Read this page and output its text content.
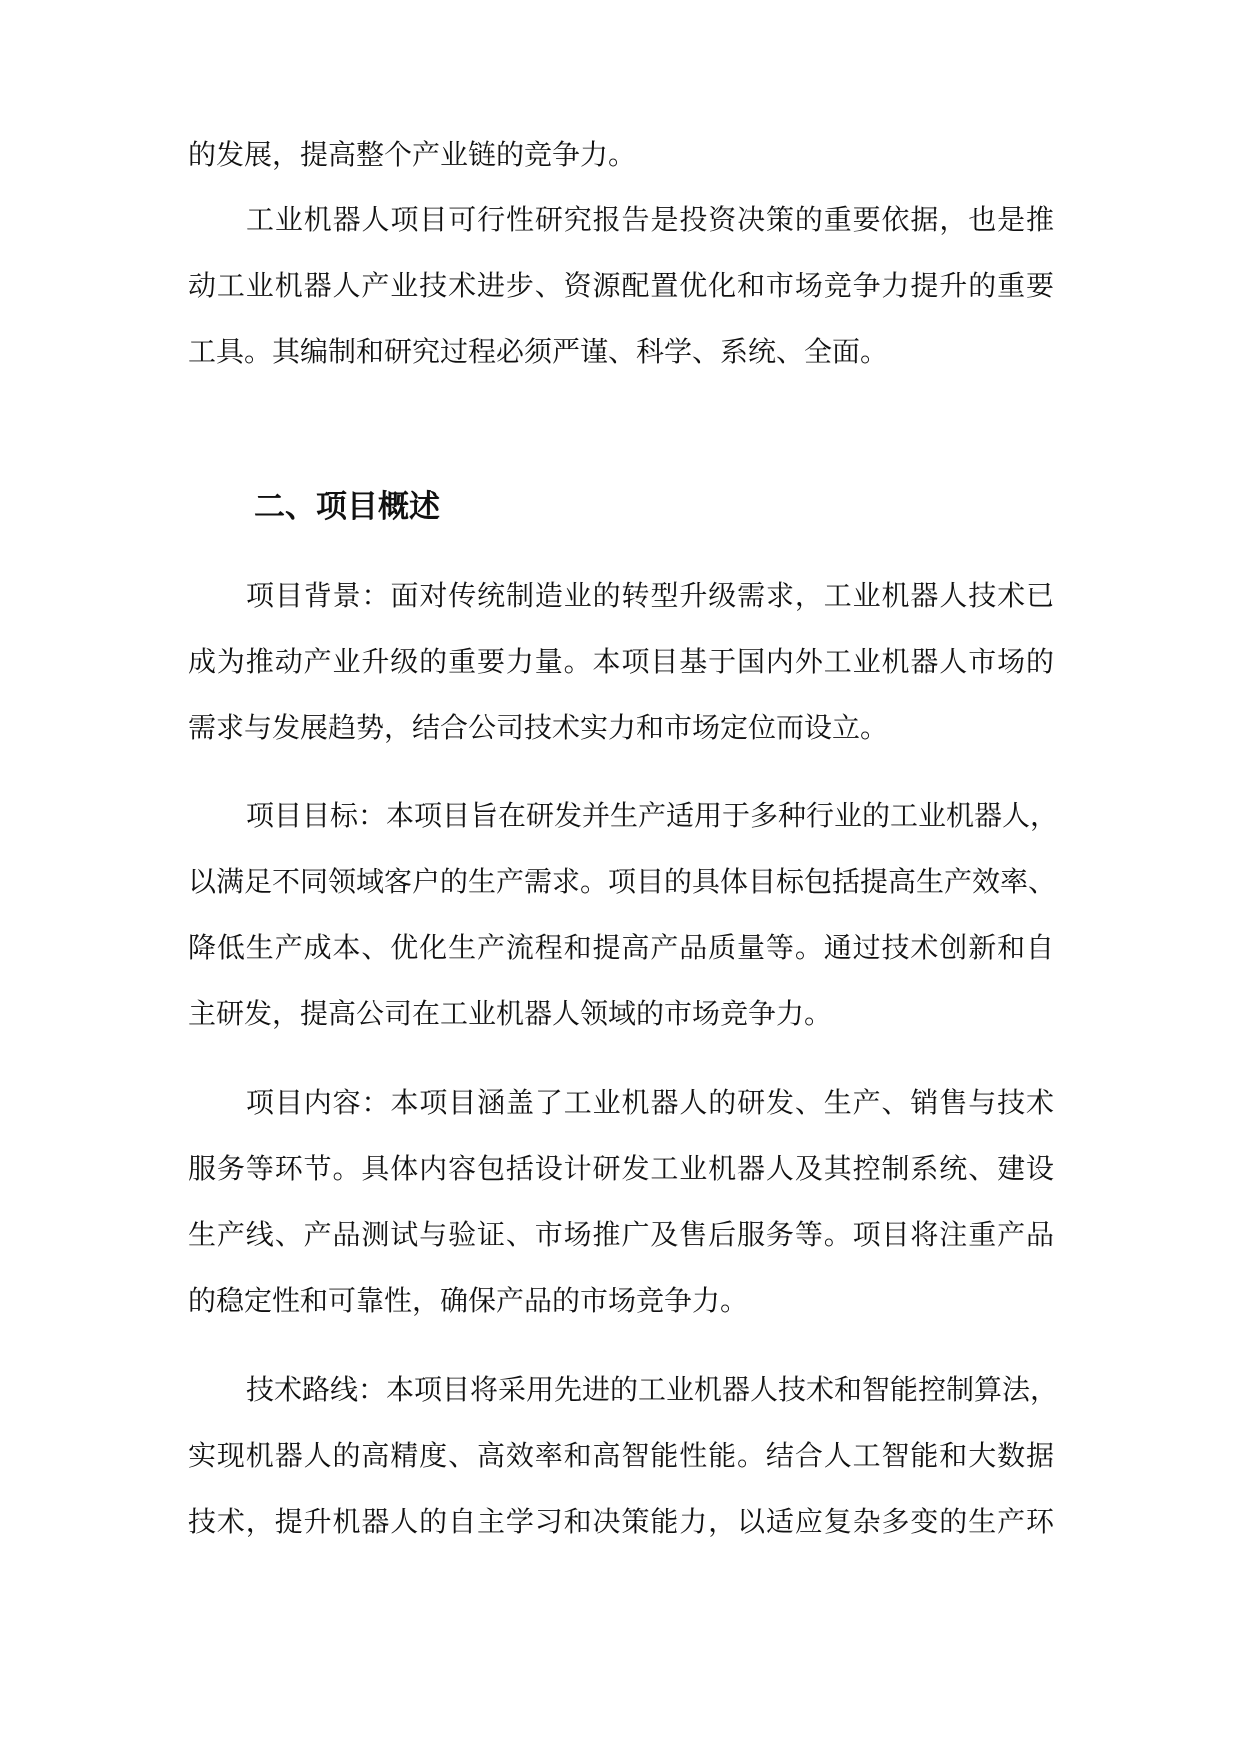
的发展，提高整个产业链的竞争力。
工业机器人项目可行性研究报告是投资决策的重要依据，也是推
动工业机器人产业技术进步、资源配置优化和市场竞争力提升的重要
工具。其编制和研究过程必须严谨、科学、系统、全面。
二、项目概述
项目背景：面对传统制造业的转型升级需求，工业机器人技术已
成为推动产业升级的重要力量。本项目基于国内外工业机器人市场的
需求与发展趋势，结合公司技术实力和市场定位而设立。
项目目标：本项目旨在研发并生产适用于多种行业的工业机器人，
以满足不同领域客户的生产需求。项目的具体目标包括提高生产效率、
降低生产成本、优化生产流程和提高产品质量等。通过技术创新和自
主研发，提高公司在工业机器人领域的市场竞争力。
项目内容：本项目涵盖了工业机器人的研发、生产、销售与技术
服务等环节。具体内容包括设计研发工业机器人及其控制系统、建设
生产线、产品测试与验证、市场推广及售后服务等。项目将注重产品
的稳定性和可靠性，确保产品的市场竞争力。
技术路线：本项目将采用先进的工业机器人技术和智能控制算法，
实现机器人的高精度、高效率和高智能性能。结合人工智能和大数据
技术，提升机器人的自主学习和决策能力，以适应复杂多变的生产环
